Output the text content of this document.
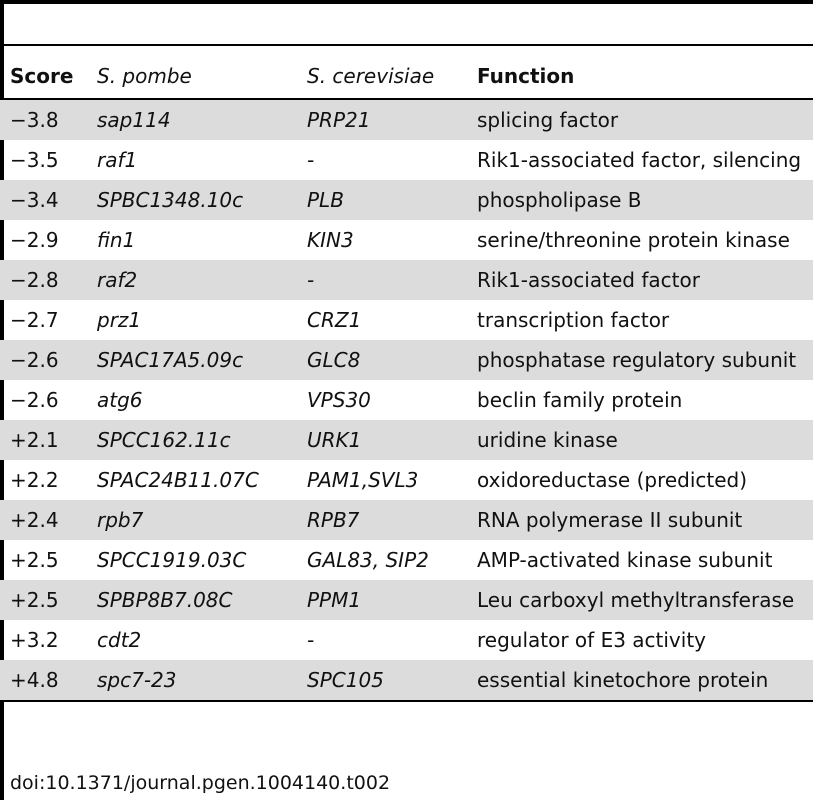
Score	S. pombe	S. cerevisiae	Function
−3.8	sap114	PRP21	splicing factor
−3.5	raf1	-	Rik1-associated factor, silencing
−3.4	SPBC1348.10c	PLB	phospholipase B
−2.9	fin1	KIN3	serine/threonine protein kinase
−2.8	raf2	-	Rik1-associated factor
−2.7	prz1	CRZ1	transcription factor
−2.6	SPAC17A5.09c	GLC8	phosphatase regulatory subunit
−2.6	atg6	VPS30	beclin family protein
+2.1	SPCC162.11c	URK1	uridine kinase
+2.2	SPAC24B11.07C	PAM1,SVL3	oxidoreductase (predicted)
+2.4	rpb7	RPB7	RNA polymerase II subunit
+2.5	SPCC1919.03C	GAL83, SIP2	AMP-activated kinase subunit
+2.5	SPBP8B7.08C	PPM1	Leu carboxyl methyltransferase
+3.2	cdt2	-	regulator of E3 activity
+4.8	spc7-23	SPC105	essential kinetochore protein
doi:10.1371/journal.pgen.1004140.t002
